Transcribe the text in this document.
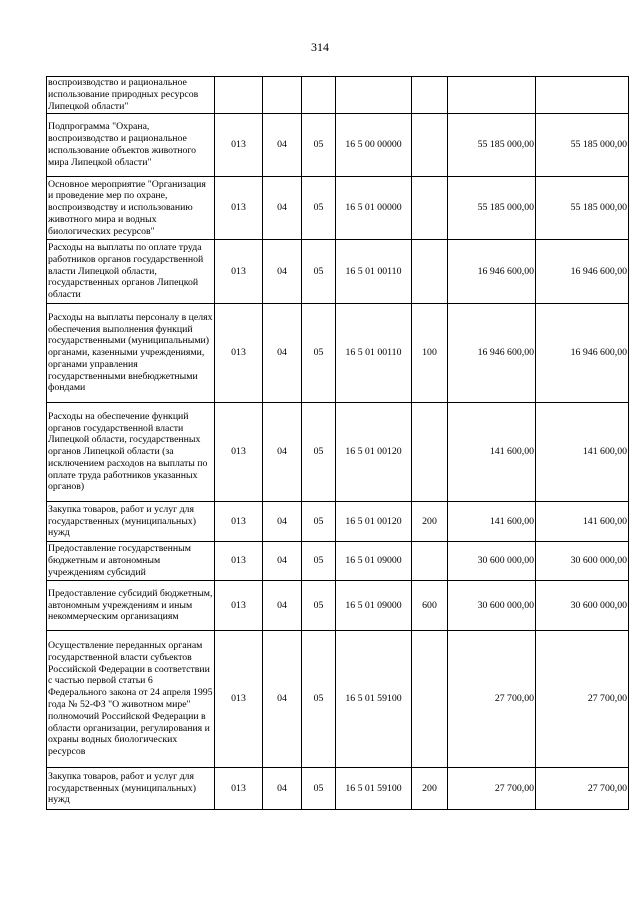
314
воспроизводство и рациональное использование природных ресурсов Липецкой области"							
Подпрограмма "Охрана, воспроизводство и рациональное использование объектов животного мира Липецкой области"	013	04	05	16 5 00 00000		55 185 000,00	55 185 000,00
Основное мероприятие "Организация и проведение мер по охране, воспроизводству и использованию животного мира и водных биологических ресурсов"	013	04	05	16 5 01 00000		55 185 000,00	55 185 000,00
Расходы на выплаты по оплате труда работников органов государственной власти Липецкой области, государственных органов Липецкой области	013	04	05	16 5 01 00110		16 946 600,00	16 946 600,00
Расходы на выплаты персоналу в целях обеспечения выполнения функций государственными (муниципальными) органами, казенными учреждениями, органами управления государственными внебюджетными фондами	013	04	05	16 5 01 00110	100	16 946 600,00	16 946 600,00
Расходы на обеспечение функций органов государственной власти Липецкой области, государственных органов Липецкой области (за исключением расходов на выплаты по оплате труда работников указанных органов)	013	04	05	16 5 01 00120		141 600,00	141 600,00
Закупка товаров, работ и услуг для государственных (муниципальных) нужд	013	04	05	16 5 01 00120	200	141 600,00	141 600,00
Предоставление государственным бюджетным и автономным учреждениям субсидий	013	04	05	16 5 01 09000		30 600 000,00	30 600 000,00
Предоставление субсидий бюджетным, автономным учреждениям и иным некоммерческим организациям	013	04	05	16 5 01 09000	600	30 600 000,00	30 600 000,00
Осуществление переданных органам государственной власти субъектов Российской Федерации в соответствии с частью первой статьи 6 Федерального закона от 24 апреля 1995 года № 52-ФЗ "О животном мире" полномочий Российской Федерации в области организации, регулирования и охраны водных биологических ресурсов	013	04	05	16 5 01 59100		27 700,00	27 700,00
Закупка товаров, работ и услуг для государственных (муниципальных) нужд	013	04	05	16 5 01 59100	200	27 700,00	27 700,00
